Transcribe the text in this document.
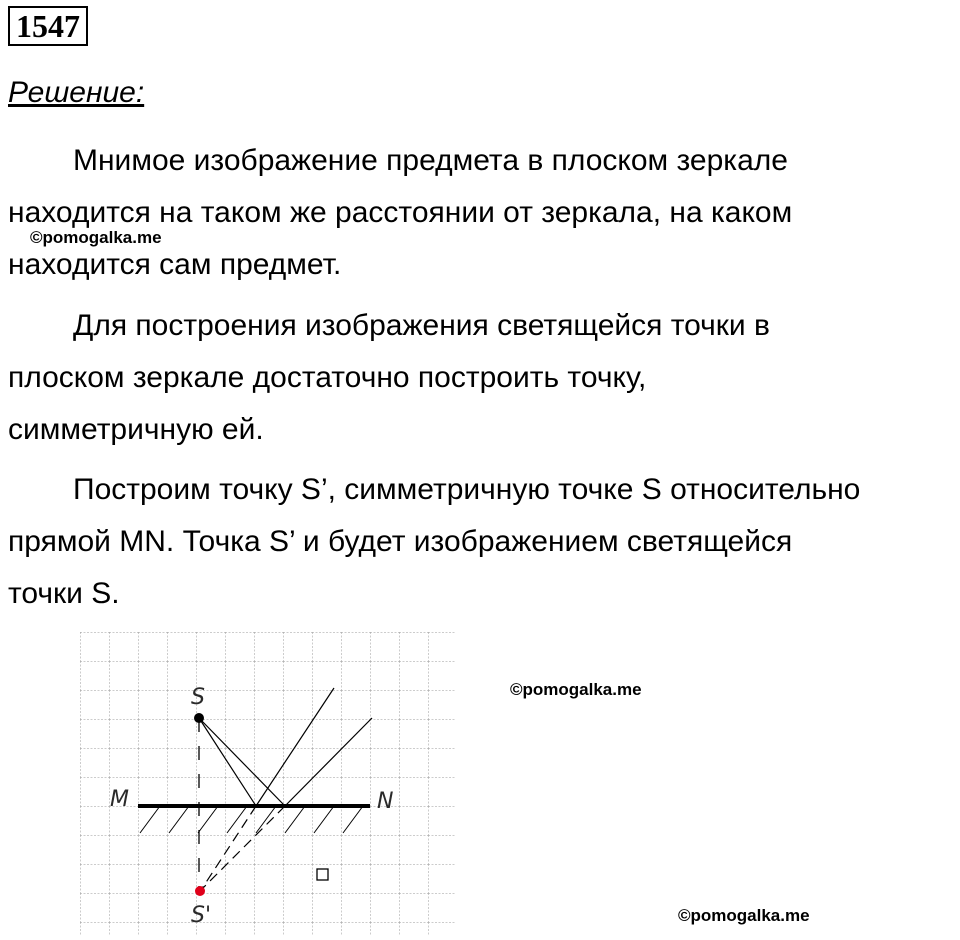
1547
Решение:
Мнимое изображение предмета в плоском зеркале
находится на таком же расстоянии от зеркала, на каком
находится сам предмет.
Для построения изображения светящейся точки в
плоском зеркале достаточно построить точку,
симметричную ей.
Построим точку S’, симметричную точке S относительно
прямой MN. Точка S’ и будет изображением светящейся
точки S.
©pomogalka.me
©pomogalka.me
©pomogalka.me
S
S'
M	N
